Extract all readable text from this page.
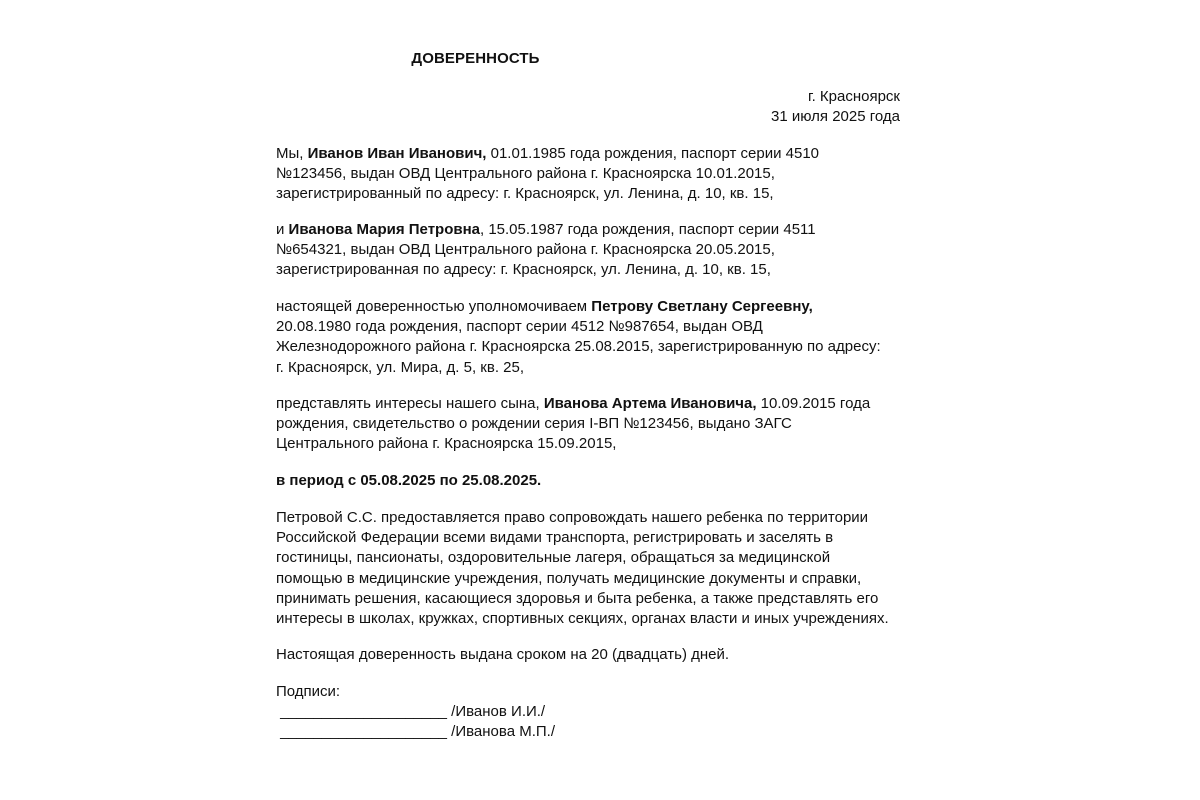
ДОВЕРЕННОСТЬ
г. Красноярск
31 июля 2025 года
Мы, Иванов Иван Иванович, 01.01.1985 года рождения, паспорт серии 4510
№123456, выдан ОВД Центрального района г. Красноярска 10.01.2015,
зарегистрированный по адресу: г. Красноярск, ул. Ленина, д. 10, кв. 15,
и Иванова Мария Петровна, 15.05.1987 года рождения, паспорт серии 4511
№654321, выдан ОВД Центрального района г. Красноярска 20.05.2015,
зарегистрированная по адресу: г. Красноярск, ул. Ленина, д. 10, кв. 15,
настоящей доверенностью уполномочиваем Петрову Светлану Сергеевну,
20.08.1980 года рождения, паспорт серии 4512 №987654, выдан ОВД
Железнодорожного района г. Красноярска 25.08.2015, зарегистрированную по адресу:
г. Красноярск, ул. Мира, д. 5, кв. 25,
представлять интересы нашего сына, Иванова Артема Ивановича, 10.09.2015 года
рождения, свидетельство о рождении серия I-ВП №123456, выдано ЗАГС
Центрального района г. Красноярска 15.09.2015,
в период с 05.08.2025 по 25.08.2025.
Петровой С.С. предоставляется право сопровождать нашего ребенка по территории
Российской Федерации всеми видами транспорта, регистрировать и заселять в
гостиницы, пансионаты, оздоровительные лагеря, обращаться за медицинской
помощью в медицинские учреждения, получать медицинские документы и справки,
принимать решения, касающиеся здоровья и быта ребенка, а также представлять его
интересы в школах, кружках, спортивных секциях, органах власти и иных учреждениях.
Настоящая доверенность выдана сроком на 20 (двадцать) дней.
Подписи:
____________________ /Иванов И.И./
____________________ /Иванова М.П./
